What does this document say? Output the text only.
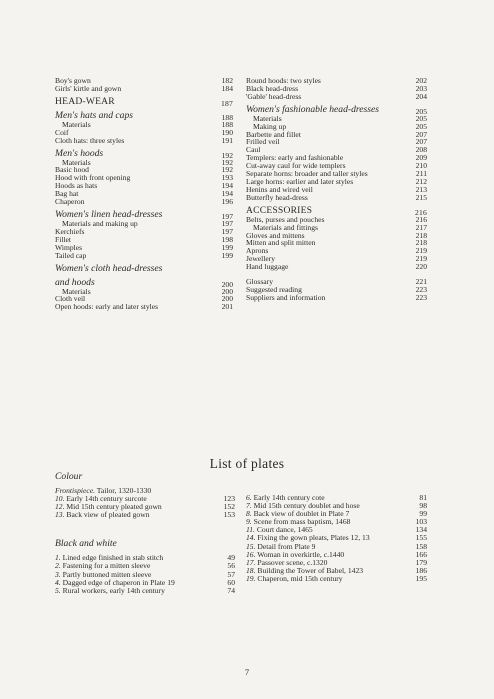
Boy's gown	182
Girls' kirtle and gown	184
HEAD-WEAR	187
Men's hats and caps	188
Materials	188
Coif	190
Cloth hats: three styles	191
Men's hoods	192
Materials	192
Basic hood	192
Hood with front opening	193
Hoods as hats	194
Bag hat	194
Chaperon	196
Women's linen head-dresses	197
Materials and making up	197
Kerchiefs	197
Fillet	198
Wimples	199
Tailed cap	199
Women's cloth head-dresses
and hoods	200
Materials	200
Cloth veil	200
Open hoods: early and later styles	201
Round hoods: two styles	202
Black head-dress	203
'Gable' head-dress	204
Women's fashionable head-dresses	205
Materials	205
Making up	205
Barbette and fillet	207
Frilled veil	207
Caul	208
Templers: early and fashionable	209
Cut-away caul for wide templers	210
Separate horns: broader and taller styles	211
Large horns: earlier and later styles	212
Henins and wired veil	213
Butterfly head-dress	215
ACCESSORIES	216
Belts, purses and pouches	216
Materials and fittings	217
Gloves and mittens	218
Mitten and split mitten	218
Aprons	219
Jewellery	219
Hand luggage	220
Glossary	221
Suggested reading	223
Suppliers and information	223
List of plates
Colour
Frontispiece. Tailor, 1320-1330
10. Early 14th century surcote	123
12. Mid 15th century pleated gown	152
13. Back view of pleated gown	153
Black and white
1. Lined edge finished in stab stitch	49
2. Fastening for a mitten sleeve	56
3. Partly buttoned mitten sleeve	57
4. Dagged edge of chaperon in Plate 19	60
5. Rural workers, early 14th century	74
6. Early 14th century cote	81
7. Mid 15th century doublet and hose	98
8. Back view of doublet in Plate 7	99
9. Scene from mass baptism, 1468	103
11. Court dance, 1465	134
14. Fixing the gown pleats, Plates 12, 13	155
15. Detail from Plate 9	158
16. Woman in overkirtle, c.1440	166
17. Passover scene, c.1320	179
18. Building the Tower of Babel, 1423	186
19. Chaperon, mid 15th century	195
7
